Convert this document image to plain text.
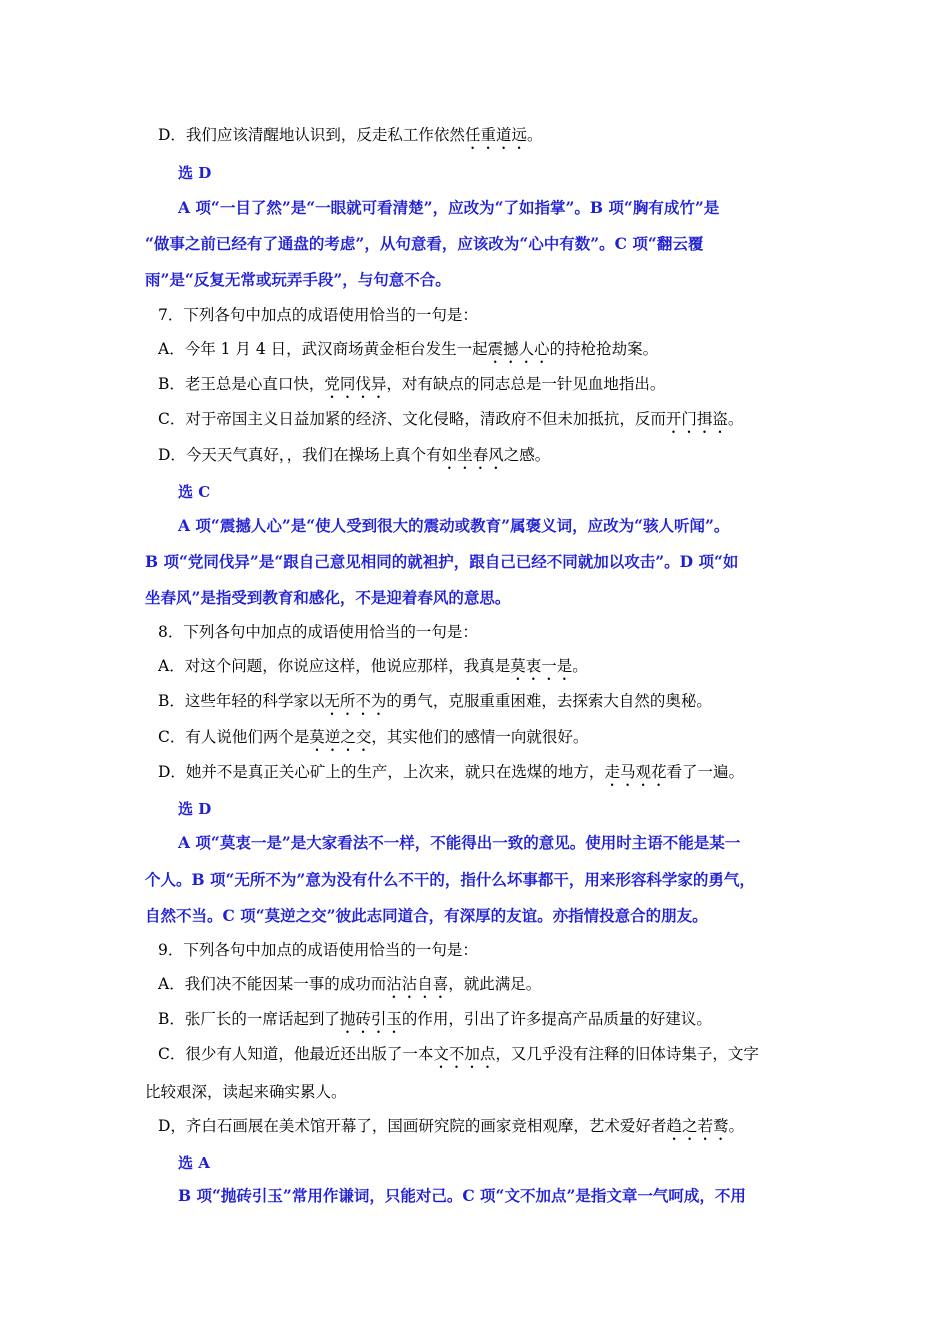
D．我们应该清醒地认识到，反走私工作依然任重道远。
选 D
A 项“一目了然”是“一眼就可看清楚”，应改为“了如指掌”。B 项“胸有成竹”是
“做事之前已经有了通盘的考虑”，从句意看，应该改为“心中有数”。C 项“翻云覆
雨”是“反复无常或玩弄手段”，与句意不合。
7．下列各句中加点的成语使用恰当的一句是：
A．今年 1 月 4 日，武汉商场黄金柜台发生一起震撼人心的持枪抢劫案。
B．老王总是心直口快，党同伐异，对有缺点的同志总是一针见血地指出。
C．对于帝国主义日益加紧的经济、文化侵略，清政府不但未加抵抗，反而开门揖盗。
D．今天天气真好，，我们在操场上真个有如坐春风之感。
选 C
A 项“震撼人心”是“使人受到很大的震动或教育”属褒义词，应改为“骇人听闻”。
B 项“党同伐异”是“跟自己意见相同的就袒护，跟自己已经不同就加以攻击”。D 项“如
坐春风”是指受到教育和感化，不是迎着春风的意思。
8．下列各句中加点的成语使用恰当的一句是：
A．对这个问题，你说应这样，他说应那样，我真是莫衷一是。
B．这些年轻的科学家以无所不为的勇气，克服重重困难，去探索大自然的奥秘。
C．有人说他们两个是莫逆之交，其实他们的感情一向就很好。
D．她并不是真正关心矿上的生产，上次来，就只在选煤的地方，走马观花看了一遍。
选 D
A 项“莫衷一是”是大家看法不一样，不能得出一致的意见。使用时主语不能是某一
个人。B 项“无所不为”意为没有什么不干的，指什么坏事都干，用来形容科学家的勇气，
自然不当。C 项“莫逆之交”彼此志同道合，有深厚的友谊。亦指情投意合的朋友。
9．下列各句中加点的成语使用恰当的一句是：
A．我们决不能因某一事的成功而沾沾自喜，就此满足。
B．张厂长的一席话起到了抛砖引玉的作用，引出了许多提高产品质量的好建议。
C．很少有人知道，他最近还出版了一本文不加点，又几乎没有注释的旧体诗集子，文字
比较艰深，读起来确实累人。
D，齐白石画展在美术馆开幕了，国画研究院的画家竞相观摩，艺术爱好者趋之若鹜。
选 A
B 项“抛砖引玉”常用作谦词，只能对己。C 项“文不加点”是指文章一气呵成，不用
